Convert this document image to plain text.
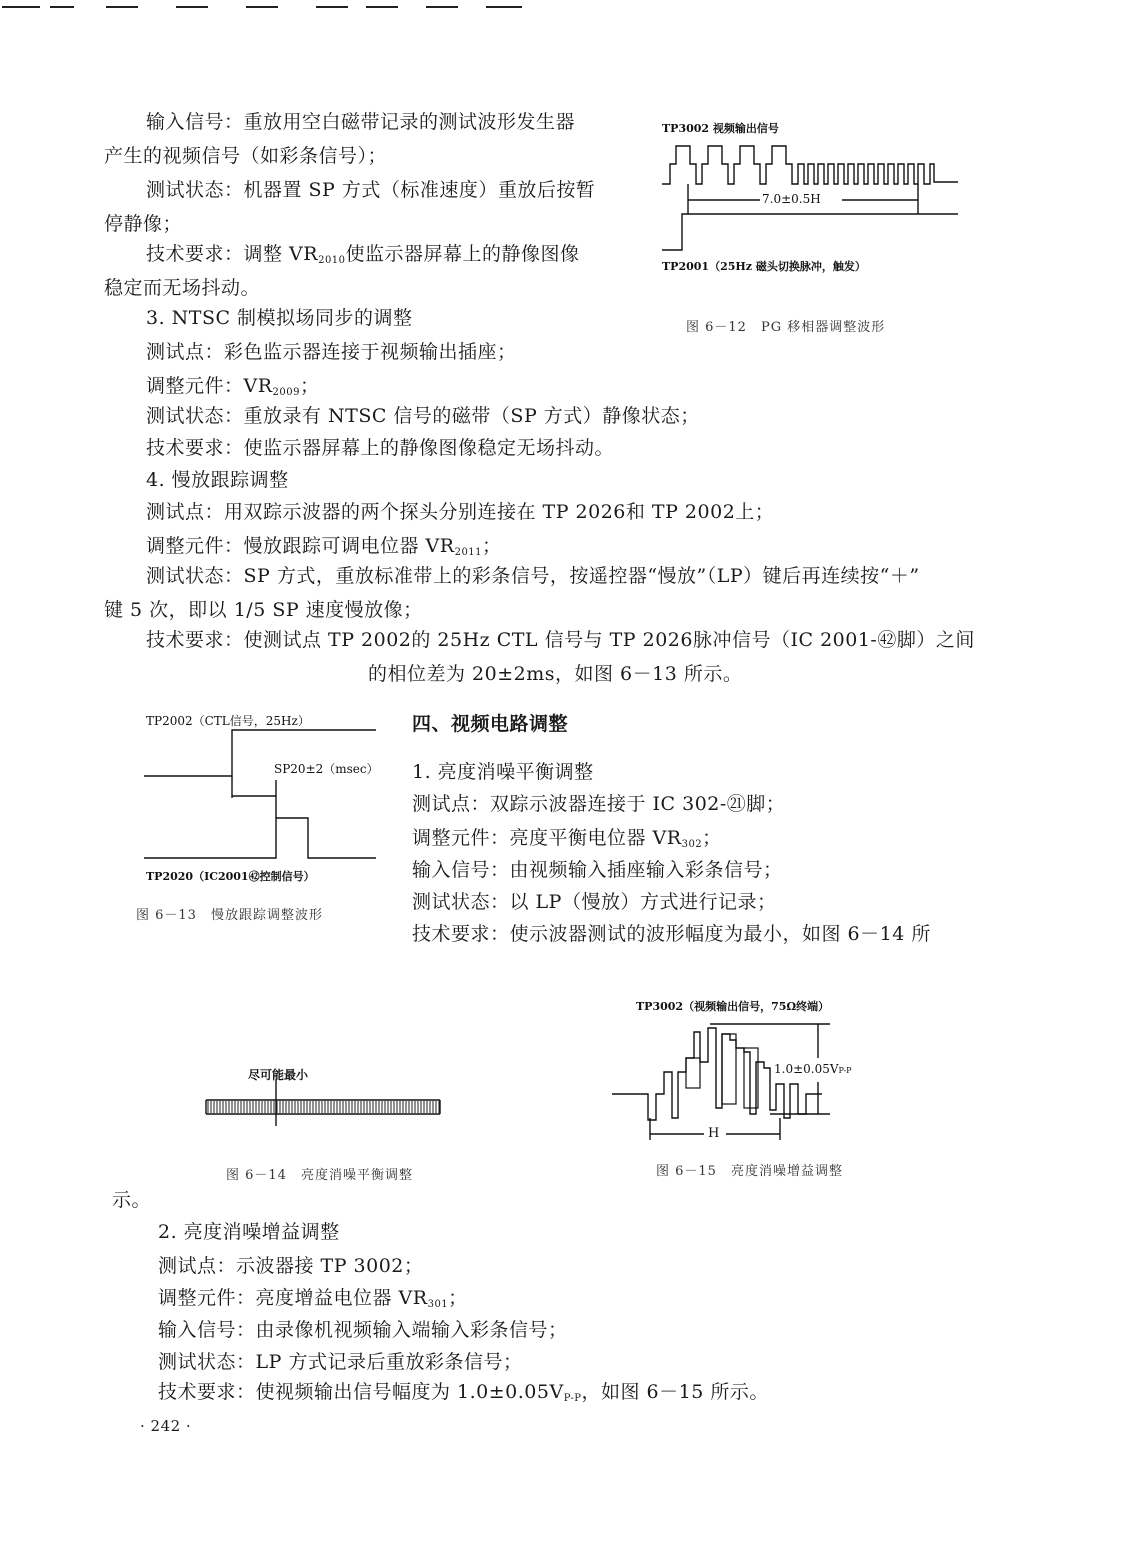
输入信号：重放用空白磁带记录的测试波形发生器
产生的视频信号（如彩条信号）；
测试状态：机器置 SP 方式（标准速度）重放后按暂
停静像；
技术要求：调整 $VR_{2010}$使监示器屏幕上的静像图像
稳定而无场抖动。
TP3002 视频输出信号
7.0±0.5H
TP2001（25Hz 磁头切换脉冲，触发）
图 6－12　PG 移相器调整波形
3. NTSC 制模拟场同步的调整
测试点：彩色监示器连接于视频输出插座；
调整元件：$VR_{2009}$；
测试状态：重放录有 NTSC 信号的磁带（SP 方式）静像状态；
技术要求：使监示器屏幕上的静像图像稳定无场抖动。
4. 慢放跟踪调整
测试点：用双踪示波器的两个探头分别连接在 TP 2026和 TP 2002上；
调整元件：慢放跟踪可调电位器 $VR_{2011}$；
测试状态：SP 方式，重放标准带上的彩条信号，按遥控器“慢放”（LP）键后再连续按“＋”
键 5 次，即以 1/5 SP 速度慢放像；
技术要求：使测试点 TP 2002的 25Hz CTL 信号与 TP 2026脉冲信号（IC 2001-㊷脚）之间
的相位差为 20±2ms，如图 6－13 所示。
TP2002（CTL信号，25Hz）
SP20±2（msec）
TP2020（IC2001㊷控制信号）
图 6－13　慢放跟踪调整波形
四、视频电路调整
1. 亮度消噪平衡调整
测试点：双踪示波器连接于 IC 302-㉑脚；
调整元件：亮度平衡电位器 $VR_{302}$；
输入信号：由视频输入插座输入彩条信号；
测试状态：以 LP（慢放）方式进行记录；
技术要求：使示波器测试的波形幅度为最小，如图 6－14 所
尽可能最小
图 6－14　亮度消噪平衡调整
TP3002（视频输出信号，75Ω终端）
1.0±0.05VP-P
H
图 6－15　亮度消噪增益调整
示。
2. 亮度消噪增益调整
测试点：示波器接 TP 3002；
调整元件：亮度增益电位器 $VR_{301}$；
输入信号：由录像机视频输入端输入彩条信号；
测试状态：LP 方式记录后重放彩条信号；
技术要求：使视频输出信号幅度为 $1.0\pm 0.05V_{P-P}$，如图 6－15 所示。
· 242 ·
